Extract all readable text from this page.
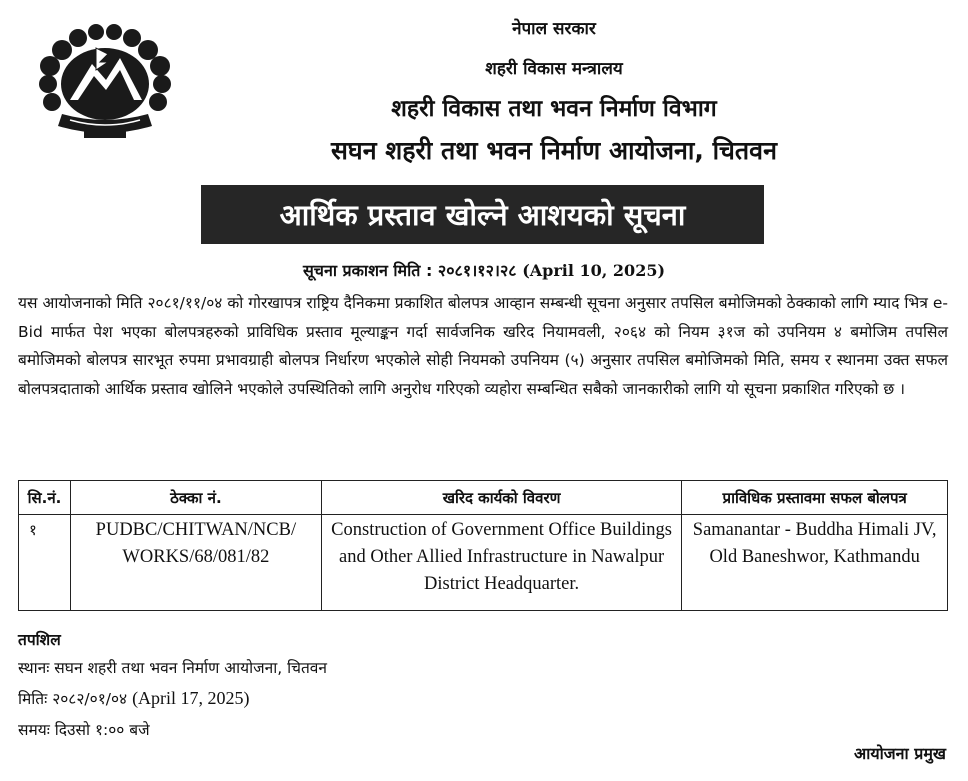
नेपाल सरकार
शहरी विकास मन्त्रालय
शहरी विकास तथा भवन निर्माण विभाग
सघन शहरी तथा भवन निर्माण आयोजना, चितवन
आर्थिक प्रस्ताव खोल्ने आशयको सूचना
सूचना प्रकाशन मिति : २०८१।१२।२८ (April 10, 2025)
यस आयोजनाको मिति २०८१/११/०४ को गोरखापत्र राष्ट्रिय दैनिकमा प्रकाशित बोलपत्र आव्हान सम्बन्धी सूचना अनुसार तपसिल बमोजिमको ठेक्काको लागि म्याद भित्र e-Bid मार्फत पेश भएका बोलपत्रहरुको प्राविधिक प्रस्ताव मूल्याङ्कन गर्दा सार्वजनिक खरिद नियामवली, २०६४ को नियम ३१ज को उपनियम ४ बमोजिम तपसिल बमोजिमको बोलपत्र सारभूत रुपमा प्रभावग्राही बोलपत्र निर्धारण भएकोले सोही नियमको उपनियम (५) अनुसार तपसिल बमोजिमको मिति, समय र स्थानमा उक्त सफल बोलपत्रदाताको आर्थिक प्रस्ताव खोलिने भएकोले उपस्थितिको लागि अनुरोध गरिएको व्यहोरा सम्बन्धित सबैको जानकारीको लागि यो सूचना प्रकाशित गरिएको छ ।
सि.नं.	ठेक्का नं.	खरिद कार्यको विवरण	प्राविधिक प्रस्तावमा सफल बोलपत्र
१	PUDBC/CHITWAN/NCB/ WORKS/68/081/82	Construction of Government Office Buildings and Other Allied Infrastructure in Nawalpur District Headquarter.	Samanantar - Buddha Himali JV, Old Baneshwor, Kathmandu
तपशिल
स्थानः सघन शहरी तथा भवन निर्माण आयोजना, चितवन
मितिः २०८२/०१/०४ (April 17, 2025)
समयः दिउसो १:०० बजे
आयोजना प्रमुख
